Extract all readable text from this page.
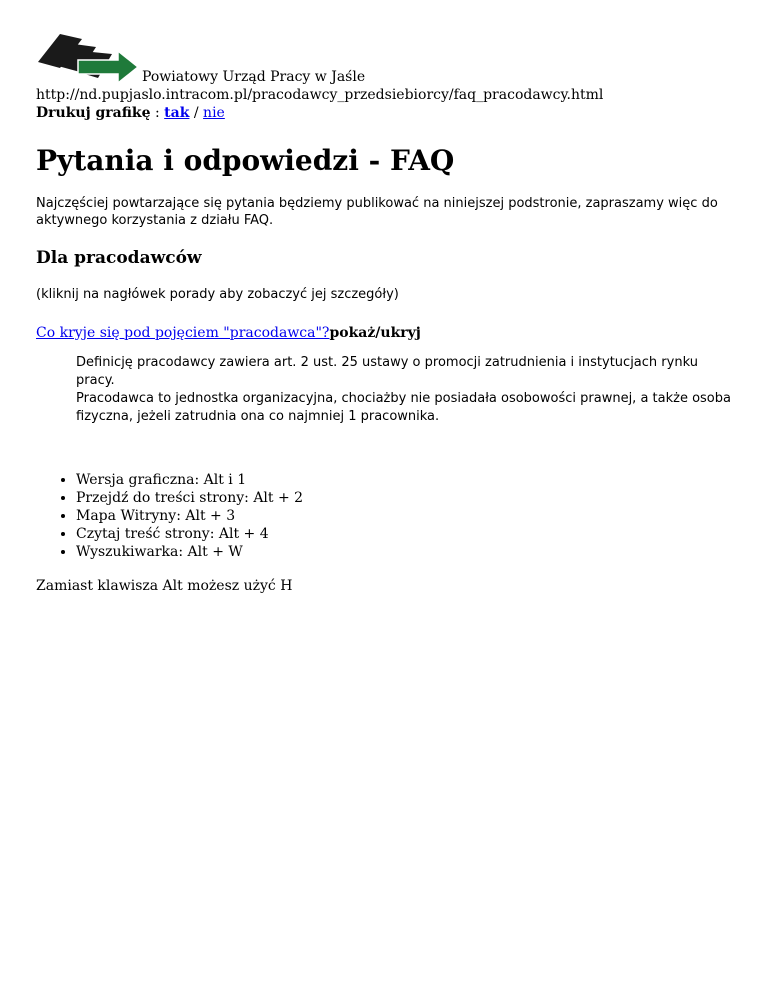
Powiatowy Urząd Pracy w Jaśle
http://nd.pupjaslo.intracom.pl/pracodawcy_przedsiebiorcy/faq_pracodawcy.html
Drukuj grafikę : tak / nie
Pytania i odpowiedzi - FAQ

Najczęściej powtarzające się pytania będziemy publikować na niniejszej podstronie, zapraszamy więc do aktywnego korzystania z działu FAQ.

Dla pracodawców

(kliknij na nagłówek porady aby zobaczyć jej szczegóły)

Co kryje się pod pojęciem "pracodawca"?pokaż/ukryj
Definicję pracodawcy zawiera art. 2 ust. 25 ustawy o promocji zatrudnienia i instytucjach rynku pracy.
Pracodawca to jednostka organizacyjna, chociażby nie posiadała osobowości prawnej, a także osoba fizyczna, jeżeli zatrudnia ona co najmniej 1 pracownika.
• Wersja graficzna: Alt i 1
• Przejdź do treści strony: Alt + 2
• Mapa Witryny: Alt + 3
• Czytaj treść strony: Alt + 4
• Wyszukiwarka: Alt + W
Zamiast klawisza Alt możesz użyć H
